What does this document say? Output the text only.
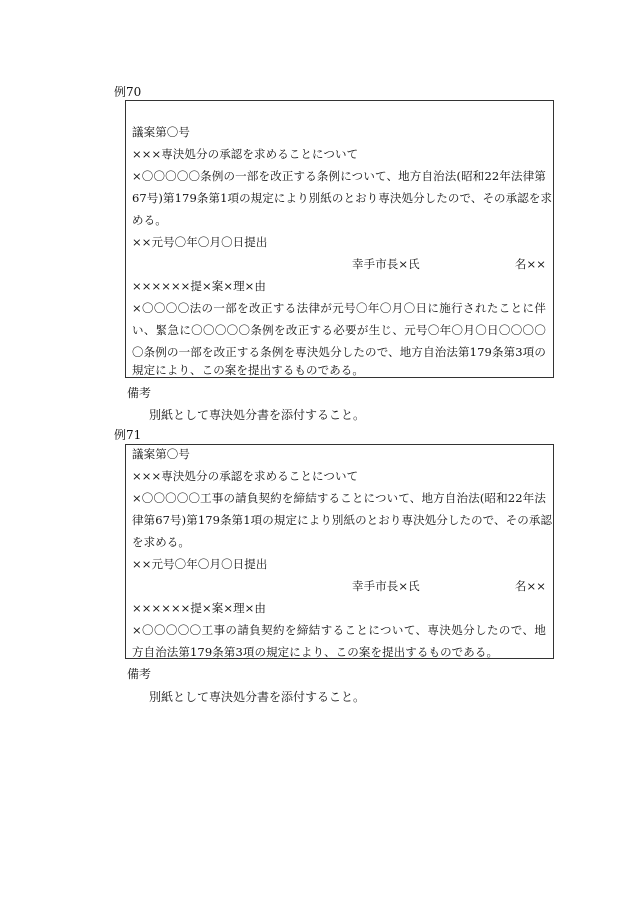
例70
議案第〇号
×××専決処分の承認を求めることについて
×〇〇〇〇〇条例の一部を改正する条例について、地方自治法(昭和22年法律第
67号)第179条第1項の規定により別紙のとおり専決処分したので、その承認を求
める。
××元号〇年〇月〇日提出
幸手市長×氏	名××
××××××提×案×理×由
×〇〇〇〇法の一部を改正する法律が元号〇年〇月〇日に施行されたことに伴
い、緊急に〇〇〇〇〇条例を改正する必要が生じ、元号〇年〇月〇日〇〇〇〇
〇条例の一部を改正する条例を専決処分したので、地方自治法第179条第3項の
規定により、この案を提出するものである。
備考
別紙として専決処分書を添付すること。
例71
議案第〇号
×××専決処分の承認を求めることについて
×〇〇〇〇〇工事の請負契約を締結することについて、地方自治法(昭和22年法
律第67号)第179条第1項の規定により別紙のとおり専決処分したので、その承認
を求める。
××元号〇年〇月〇日提出
幸手市長×氏	名××
××××××提×案×理×由
×〇〇〇〇〇工事の請負契約を締結することについて、専決処分したので、地
方自治法第179条第3項の規定により、この案を提出するものである。
備考
別紙として専決処分書を添付すること。
